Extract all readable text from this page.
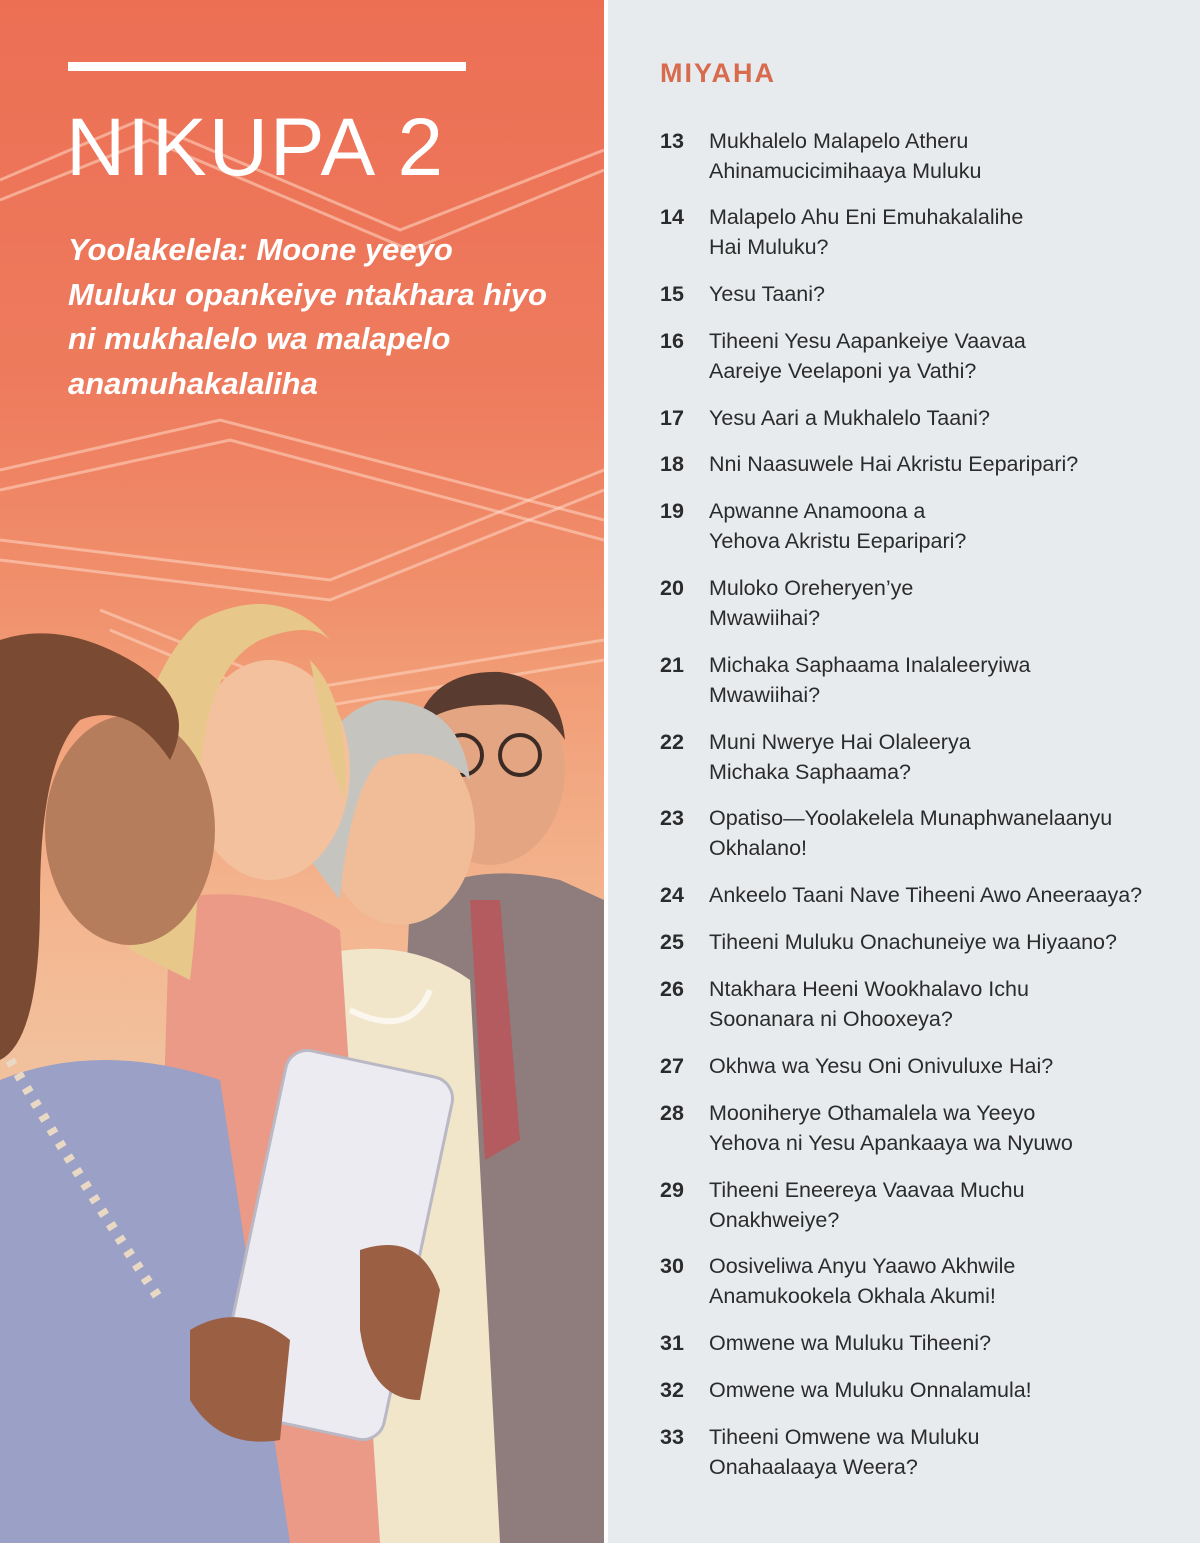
NIKUPA 2

Yoolakelela: Moone yeeyo Muluku opankeiye ntakhara hiyo ni mukhalelo wa malapelo anamuhakalaliha

MIYAHA
13	Mukhalelo Malapelo Atheru
Ahinamucicimihaaya Muluku
14	Malapelo Ahu Eni Emuhakalalihe
Hai Muluku?
15	Yesu Taani?
16	Tiheeni Yesu Aapankeiye Vaavaa
Aareiye Veelaponi ya Vathi?
17	Yesu Aari a Mukhalelo Taani?
18	Nni Naasuwele Hai Akristu Eeparipari?
19	Apwanne Anamoona a
Yehova Akristu Eeparipari?
20	Muloko Oreheryen’ye
Mwawiihai?
21	Michaka Saphaama Inalaleeryiwa
Mwawiihai?
22	Muni Nwerye Hai Olaleerya
Michaka Saphaama?
23	Opatiso—Yoolakelela Munaphwanelaanyu
Okhalano!
24	Ankeelo Taani Nave Tiheeni Awo Aneeraaya?
25	Tiheeni Muluku Onachuneiye wa Hiyaano?
26	Ntakhara Heeni Wookhalavo Ichu
Soonanara ni Ohooxeya?
27	Okhwa wa Yesu Oni Onivuluxe Hai?
28	Mooniherye Othamalela wa Yeeyo
Yehova ni Yesu Apankaaya wa Nyuwo
29	Tiheeni Eneereya Vaavaa Muchu
Onakhweiye?
30	Oosiveliwa Anyu Yaawo Akhwile
Anamukookela Okhala Akumi!
31	Omwene wa Muluku Tiheeni?
32	Omwene wa Muluku Onnalamula!
33	Tiheeni Omwene wa Muluku
Onahaalaaya Weera?
